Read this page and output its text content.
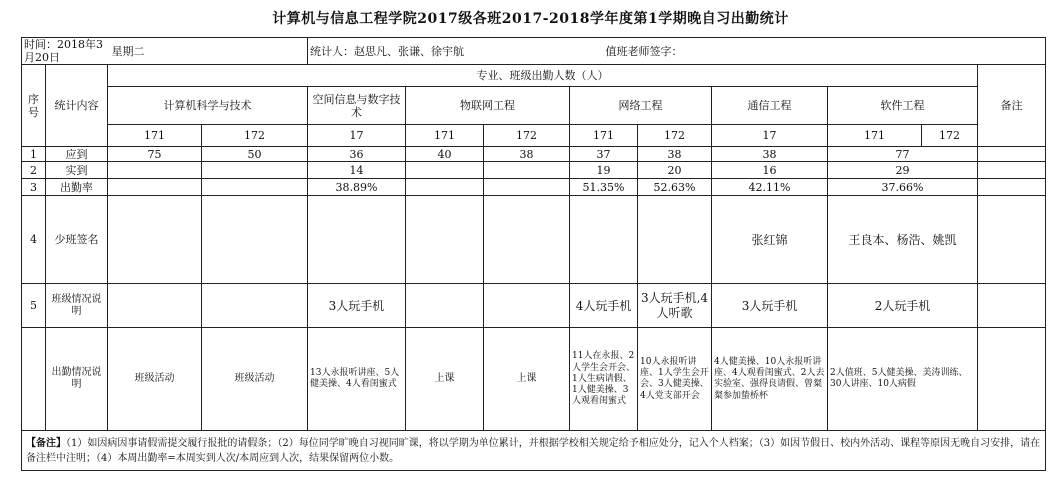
计算机与信息工程学院2017级各班2017-2018学年度第1学期晚自习出勤统计
时间：2018年3月20日		星期二		统计人：赵思凡、张谦、徐宇航			值班老师签字：					
序号	统计内容	专业、班级出勤人数（人）										备注
		计算机科学与技术		空间信息与数字技术	物联网工程		网络工程		通信工程	软件工程		
		171	172	17	171	172	171	172	17	171	172	
1	应到	75	50	36	40	38	37	38	38	77		
2	实到			14			19	20	16	29		
3	出勤率			38.89%			51.35%	52.63%	42.11%	37.66%		
4	少班签名								张红锦	王良本、杨浩、姚凯		
5	班级情况说明			3人玩手机			4人玩手机	3人玩手机,4人听歌	3人玩手机	2人玩手机		
	出勤情况说明	班级活动	班级活动	13人永报听讲座、5人健美操、4人看闺蜜式	上课	上课	11人在永报、2人学生会开会、1人生病请假、1人健美操、3人观看闺蜜式	10人永报听讲座、1人学生会开会、3人健美操、4人党支部开会	4人健美操、10人永报听讲座、4人观看闺蜜式、2人去实验室、强得良请假、曾粲粲参加蛰桥杯	2人值班、5人健美操、美涛训练、30人讲座、10人病假		
【备注】（1）如因病因事请假需提交履行报批的请假条；（2）每位同学旷晚自习视同旷课，将以学期为单位累计，并根据学校相关规定给予相应处分，记入个人档案；（3）如因节假日、校内外活动、课程等原因无晚自习安排，请在备注栏中注明；（4）本周出勤率=本周实到人次/本周应到人次，结果保留两位小数。												
